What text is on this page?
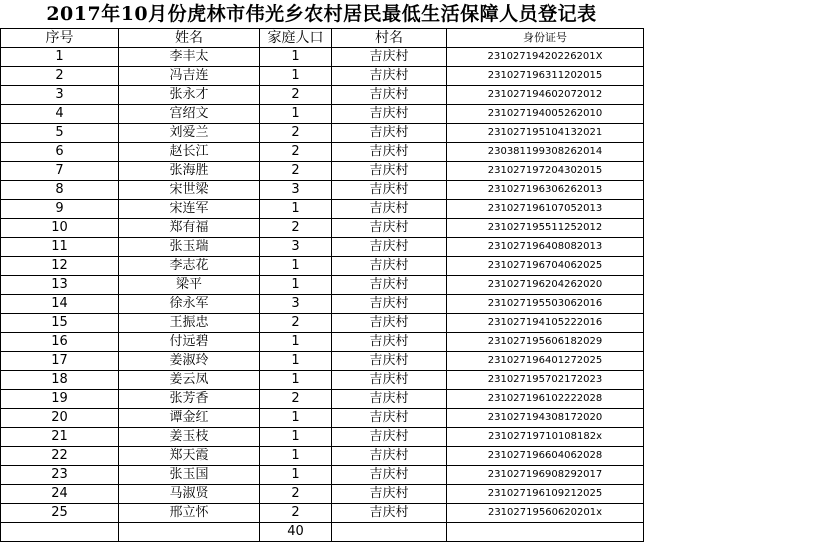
2017年10月份虎林市伟光乡农村居民最低生活保障人员登记表
序号	姓名	家庭人口	村名	身份证号
1	李丰太	1	吉庆村	23102719420226201X
2	冯吉连	1	吉庆村	231027196311202015
3	张永才	2	吉庆村	231027194602072012
4	宫绍文	1	吉庆村	231027194005262010
5	刘爱兰	2	吉庆村	231027195104132021
6	赵长江	2	吉庆村	230381199308262014
7	张海胜	2	吉庆村	231027197204302015
8	宋世梁	3	吉庆村	231027196306262013
9	宋连军	1	吉庆村	231027196107052013
10	郑有福	2	吉庆村	231027195511252012
11	张玉瑞	3	吉庆村	231027196408082013
12	李志花	1	吉庆村	231027196704062025
13	梁平	1	吉庆村	231027196204262020
14	徐永军	3	吉庆村	231027195503062016
15	王振忠	2	吉庆村	231027194105222016
16	付远碧	1	吉庆村	231027195606182029
17	姜淑玲	1	吉庆村	231027196401272025
18	姜云凤	1	吉庆村	231027195702172023
19	张芳香	2	吉庆村	231027196102222028
20	谭金红	1	吉庆村	231027194308172020
21	姜玉枝	1	吉庆村	23102719710108182x
22	郑天霞	1	吉庆村	231027196604062028
23	张玉国	1	吉庆村	231027196908292017
24	马淑贤	2	吉庆村	231027196109212025
25	邢立怀	2	吉庆村	23102719560620201x
		40		
